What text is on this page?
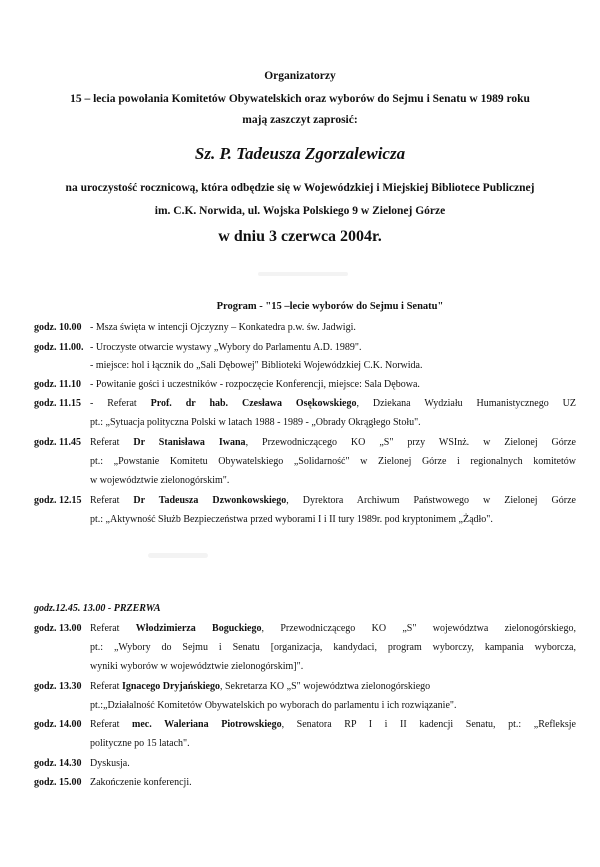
Organizatorzy
15 – lecia powołania Komitetów Obywatelskich oraz wyborów do Sejmu i Senatu w 1989 roku
mają zaszczyt zaprosić:
Sz. P. Tadeusza Zgorzalewicza
na uroczystość rocznicową, która odbędzie się w Wojewódzkiej i Miejskiej Bibliotece Publicznej
im. C.K. Norwida, ul. Wojska Polskiego 9 w Zielonej Górze
w dniu 3 czerwca 2004r.
Program - "15 –lecie wyborów do Sejmu i Senatu"
godz. 10.00 - Msza święta w intencji Ojczyzny – Konkatedra p.w. św. Jadwigi.
godz. 11.00. - Uroczyste otwarcie wystawy „Wybory do Parlamentu A.D. 1989".
- miejsce: hol i łącznik do „Sali Dębowej" Biblioteki Wojewódzkiej C.K. Norwida.
godz. 11.10 - Powitanie gości i uczestników - rozpoczęcie Konferencji, miejsce: Sala Dębowa.
godz. 11.15 - Referat Prof. dr hab. Czesława Osękowskiego, Dziekana Wydziału Humanistycznego UZ
pt.: „Sytuacja polityczna Polski w latach 1988 - 1989 - „Obrady Okrągłego Stołu".
godz. 11.45 Referat Dr Stanisława Iwana, Przewodniczącego KO „S" przy WSInż. w Zielonej Górze
pt.: „Powstanie Komitetu Obywatelskiego „Solidarność" w Zielonej Górze i regionalnych komitetów
w województwie zielonogórskim".
godz. 12.15 Referat Dr Tadeusza Dzwonkowskiego, Dyrektora Archiwum Państwowego w Zielonej Górze
pt.: „Aktywność Służb Bezpieczeństwa przed wyborami I i II tury 1989r. pod kryptonimem „Żądło".
godz.12.45. 13.00 - PRZERWA
godz. 13.00 Referat Włodzimierza Boguckiego, Przewodniczącego KO „S" województwa zielonogórskiego,
pt.: „Wybory do Sejmu i Senatu [organizacja, kandydaci, program wyborczy, kampania wyborcza,
wyniki wyborów w województwie zielonogórskim]".
godz. 13.30 Referat Ignacego Dryjańskiego, Sekretarza KO „S" województwa zielonogórskiego
pt.:„Działalność Komitetów Obywatelskich po wyborach do parlamentu i ich rozwiązanie".
godz. 14.00 Referat mec. Waleriana Piotrowskiego, Senatora RP I i II kadencji Senatu, pt.: „Refleksje
polityczne po 15 latach".
godz. 14.30 Dyskusja.
godz. 15.00 Zakończenie konferencji.
